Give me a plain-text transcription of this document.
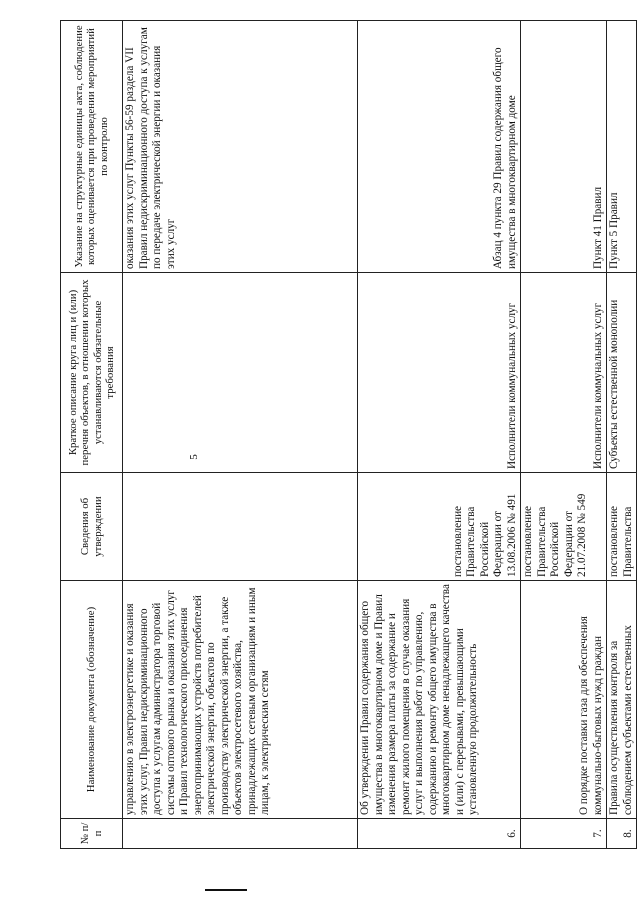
5
№ п/п	Наименование документа (обозначение)	Сведения об утверждении	Краткое описание круга лиц и (или) перечня объектов, в отношении которых устанавливаются обязательные требования	Указание на структурные единицы акта, соблюдение которых оценивается при проведении мероприятий по контролю
	управлению в электроэнергетике и оказания этих услуг, Правил недискриминационного доступа к услугам администратора торговой системы оптового рынка и оказания этих услуг и Правил технологического присоединения энергопринимающих устройств потребителей электрической энергии, объектов по производству электрической энергии, а также объектов электросетевого хозяйства, принадлежащих сетевым организациям и иным лицам, к электрическим сетям			оказания этих услуг Пункты 56-59 раздела VII Правил недискриминационного доступа к услугам по передаче электрической энергии и оказания этих услуг
6.	Об утверждении Правил содержания общего имущества в многоквартирном доме и Правил изменения размера платы за содержание и ремонт жилого помещения в случае оказания услуг и выполнения работ по управлению, содержанию и ремонту общего имущества в многоквартирном доме ненадлежащего качества и (или) с перерывами, превышающими установленную продолжительность	постановление Правительства Российской Федерации от 13.08.2006 № 491	Исполнители коммунальных услуг	Абзац 4 пункта 29 Правил содержания общего имущества в многоквартирном доме
7.	О порядке поставки газа для обеспечения коммунально-бытовых нужд граждан	постановление Правительства Российской Федерации от 21.07.2008 № 549	Исполнители коммунальных услуг	Пункт 41 Правил
8.	Правила осуществления контроля за соблюдением субъектами естественных	постановление Правительства	Субъекты естественной монополии	Пункт 5 Правил
